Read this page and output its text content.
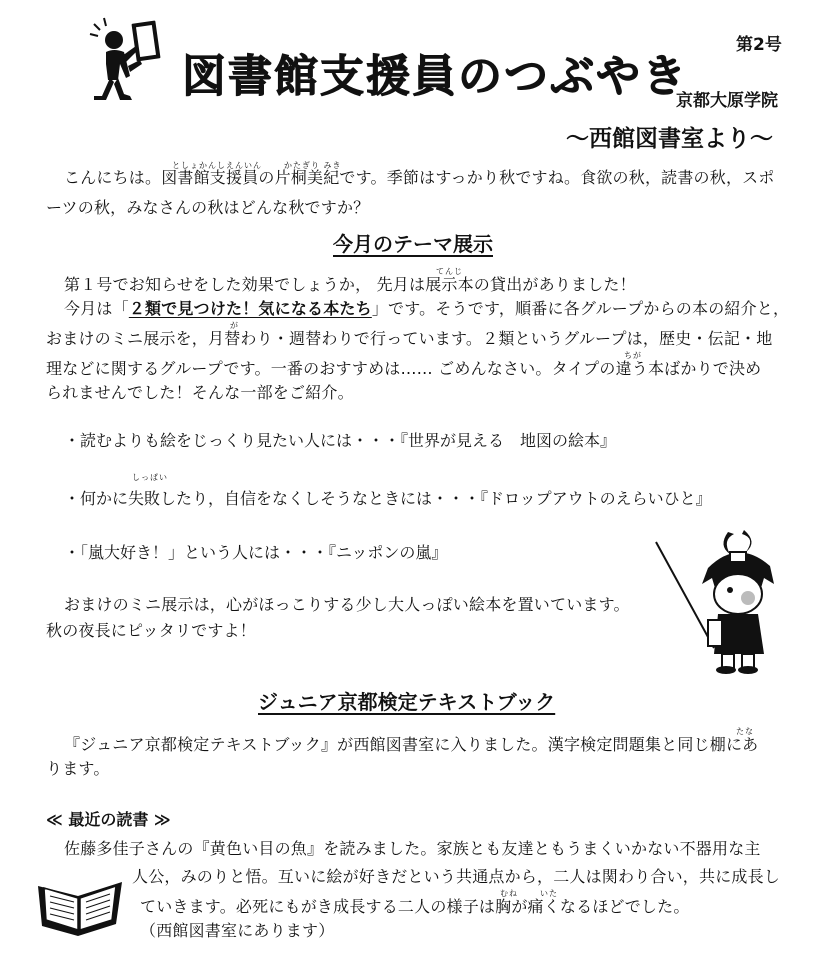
図書館支援員のつぶやき
第2号
京都大原学院
～西館図書室より～
としょかんしえんいん	かたぎり みき
こんにちは。図書館支援員の片桐美紀です。季節はすっかり秋ですね。食欲の秋，読書の秋，スポ
ーツの秋，みなさんの秋はどんな秋ですか？
今月のテーマ展示
てんじ
第１号でお知らせをした効果でしょうか， 先月は展示本の貸出がありました！
今月は「２類で見つけた！気になる本たち」です。そうです，順番に各グループからの本の紹介と，
が
おまけのミニ展示を，月替わり・週替わりで行っています。２類というグループは，歴史・伝記・地
ちが
理などに関するグループです。一番のおすすめは…… ごめんなさい。タイプの違う本ばかりで決め
られませんでした！そんな一部をご紹介。
・読むよりも絵をじっくり見たい人には・・・『世界が見える　地図の絵本』
しっぱい
・何かに失敗したり，自信をなくしそうなときには・・・『ドロップアウトのえらいひと』
・「嵐大好き！」という人には・・・『ニッポンの嵐』
おまけのミニ展示は，心がほっこりする少し大人っぽい絵本を置いています。
秋の夜長にピッタリですよ！
ジュニア京都検定テキストブック
たな
『ジュニア京都検定テキストブック』が西館図書室に入りました。漢字検定問題集と同じ棚にあ
ります。
≪ 最近の読書 ≫
佐藤多佳子さんの『黄色い目の魚』を読みました。家族とも友達ともうまくいかない不器用な主
人公，みのりと悟。互いに絵が好きだという共通点から，二人は関わり合い，共に成長し
むね	いた
ていきます。必死にもがき成長する二人の様子は胸が痛くなるほどでした。
（西館図書室にあります）
